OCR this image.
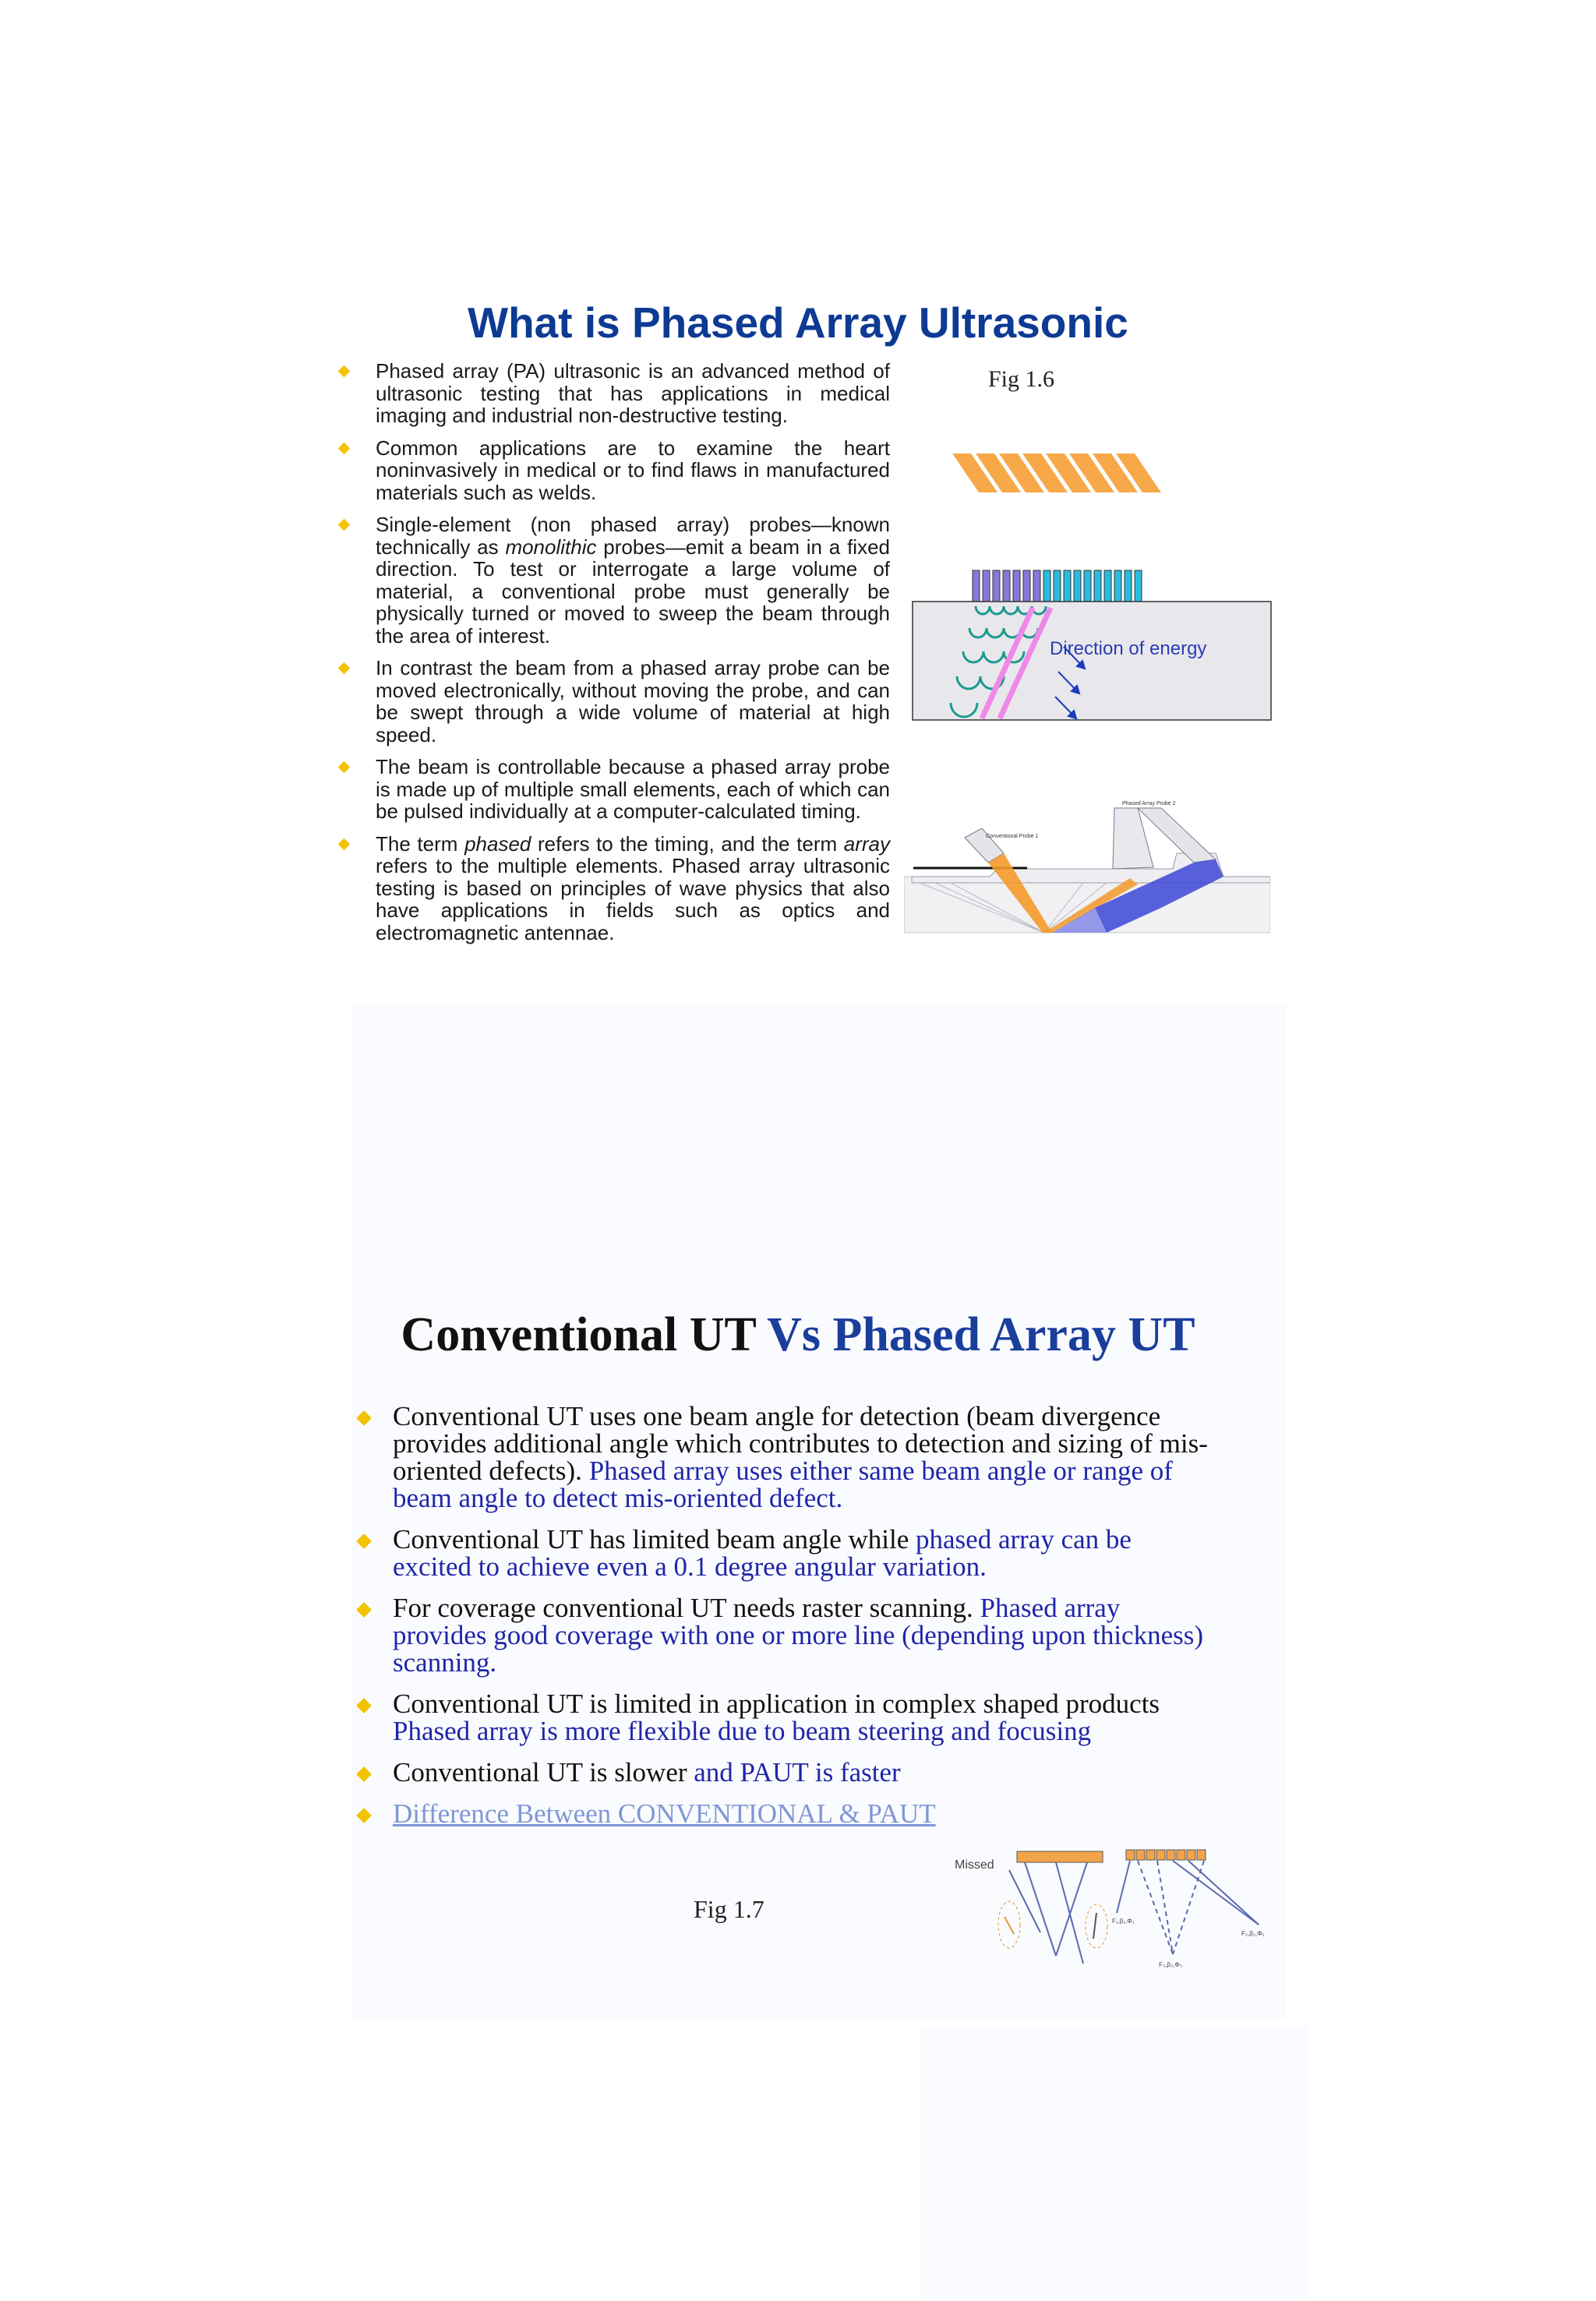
What is Phased Array Ultrasonic
Phased array (PA) ultrasonic is an advanced method of ultrasonic testing that has applications in medical imaging and industrial non-destructive testing.
Common applications are to examine the heart noninvasively in medical or to find flaws in manufactured materials such as welds.
Single-element (non phased array) probes—known technically as monolithic probes—emit a beam in a fixed direction. To test or interrogate a large volume of material, a conventional probe must generally be physically turned or moved to sweep the beam through the area of interest.
In contrast the beam from a phased array probe can be moved electronically, without moving the probe, and can be swept through a wide volume of material at high speed.
The beam is controllable because a phased array probe is made up of multiple small elements, each of which can be pulsed individually at a computer-calculated timing.
The term phased refers to the timing, and the term array refers to the multiple elements. Phased array ultrasonic testing is based on principles of wave physics that also have applications in fields such as optics and electromagnetic antennae.
Fig 1.6
Direction of energy
Phased Array Probe 2
Conventional Probe 1
Conventional UT Vs Phased Array UT
Conventional UT uses one beam angle for detection (beam divergence provides additional angle which contributes to detection and sizing of mis-oriented defects). Phased array uses either same beam angle or range of beam angle to detect mis-oriented defect.
Conventional UT has limited beam angle while phased array can be excited to achieve even a 0.1 degree angular variation.
For coverage conventional UT needs raster scanning. Phased array provides good coverage with one or more line (depending upon thickness) scanning.
Conventional UT is limited in application in complex shaped products Phased array is more flexible due to beam steering and focusing
Conventional UT is slower and PAUT is faster
Difference Between CONVENTIONAL & PAUT
Fig 1.7
Missed
F₁,β₁,Φ₁
F₂,β₂,Φ₂
F₃,β₃,Φ₃
